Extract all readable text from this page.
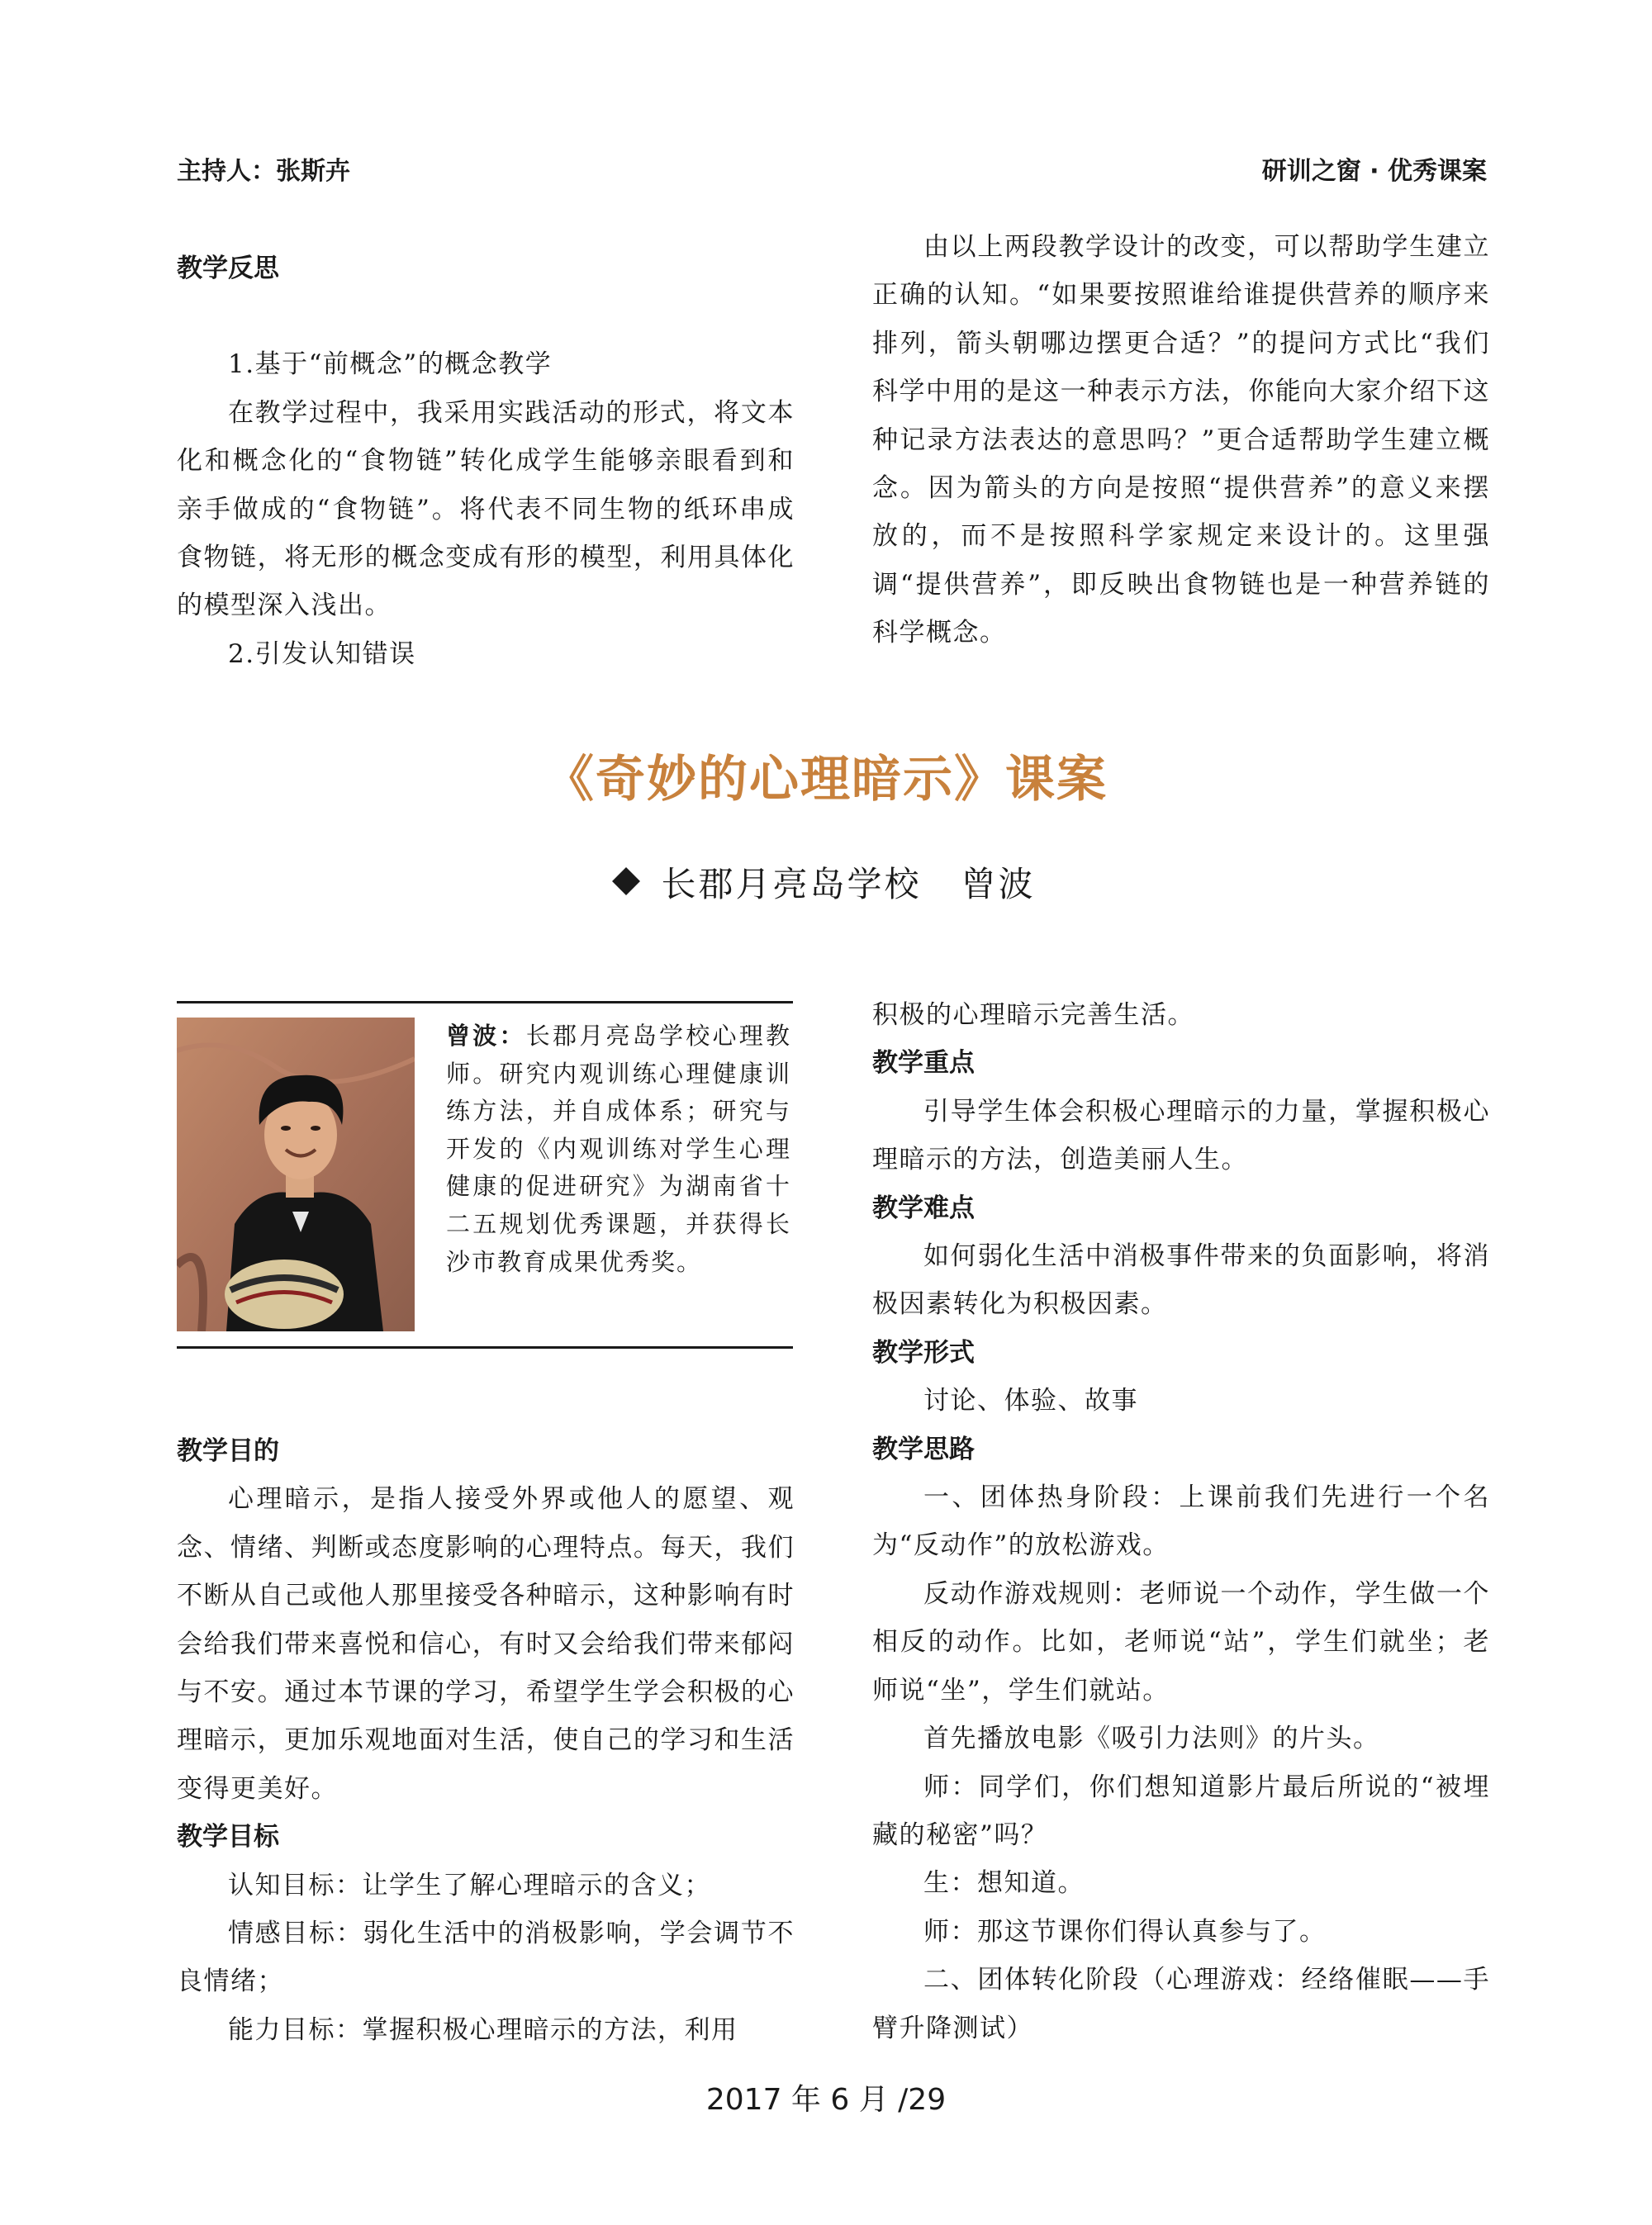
主持人：张斯卉	研训之窗 · 优秀课案

教学反思

1.基于“前概念”的概念教学

在教学过程中，我采用实践活动的形式，将文本化和概念化的“食物链”转化成学生能够亲眼看到和亲手做成的“食物链”。将代表不同生物的纸环串成食物链，将无形的概念变成有形的模型，利用具体化的模型深入浅出。

2.引发认知错误

由以上两段教学设计的改变，可以帮助学生建立正确的认知。“如果要按照谁给谁提供营养的顺序来排列，箭头朝哪边摆更合适？”的提问方式比“我们科学中用的是这一种表示方法，你能向大家介绍下这种记录方法表达的意思吗？”更合适帮助学生建立概念。因为箭头的方向是按照“提供营养”的意义来摆放的，而不是按照科学家规定来设计的。这里强调“提供营养”，即反映出食物链也是一种营养链的科学概念。

《奇妙的心理暗示》课案
长郡月亮岛学校 曾波
曾波：长郡月亮岛学校心理教师。研究内观训练心理健康训练方法，并自成体系；研究与开发的《内观训练对学生心理健康的促进研究》为湖南省十二五规划优秀课题，并获得长沙市教育成果优秀奖。

教学目的

心理暗示，是指人接受外界或他人的愿望、观念、情绪、判断或态度影响的心理特点。每天，我们不断从自己或他人那里接受各种暗示，这种影响有时会给我们带来喜悦和信心，有时又会给我们带来郁闷与不安。通过本节课的学习，希望学生学会积极的心理暗示，更加乐观地面对生活，使自己的学习和生活变得更美好。

教学目标

认知目标：让学生了解心理暗示的含义；

情感目标：弱化生活中的消极影响，学会调节不良情绪；

能力目标：掌握积极心理暗示的方法，利用

积极的心理暗示完善生活。

教学重点

引导学生体会积极心理暗示的力量，掌握积极心理暗示的方法，创造美丽人生。

教学难点

如何弱化生活中消极事件带来的负面影响，将消极因素转化为积极因素。

教学形式

讨论、体验、故事

教学思路

一、团体热身阶段：上课前我们先进行一个名为“反动作”的放松游戏。

反动作游戏规则：老师说一个动作，学生做一个相反的动作。比如，老师说“站”，学生们就坐；老师说“坐”，学生们就站。

首先播放电影《吸引力法则》的片头。

师：同学们，你们想知道影片最后所说的“被埋藏的秘密”吗？

生：想知道。

师：那这节课你们得认真参与了。

二、团体转化阶段（心理游戏：经络催眠——手臂升降测试）

2017 年 6 月 /29
